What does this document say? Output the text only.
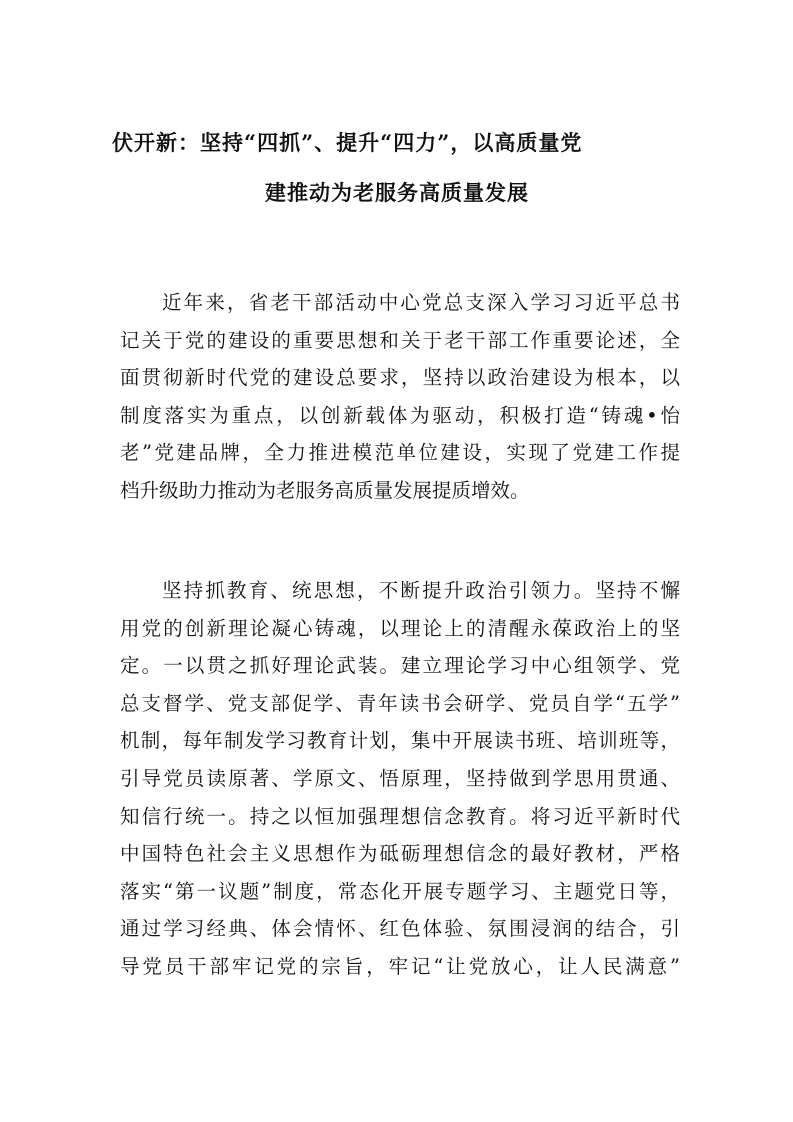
伏开新：坚持“四抓”、提升“四力”，以高质量党
建推动为老服务高质量发展
近年来，省老干部活动中心党总支深入学习习近平总书
记关于党的建设的重要思想和关于老干部工作重要论述，全
面贯彻新时代党的建设总要求，坚持以政治建设为根本，以
制度落实为重点，以创新载体为驱动，积极打造“铸魂•怡
老”党建品牌，全力推进模范单位建设，实现了党建工作提
档升级助力推动为老服务高质量发展提质增效。
坚持抓教育、统思想，不断提升政治引领力。坚持不懈
用党的创新理论凝心铸魂，以理论上的清醒永葆政治上的坚
定。一以贯之抓好理论武装。建立理论学习中心组领学、党
总支督学、党支部促学、青年读书会研学、党员自学“五学”
机制，每年制发学习教育计划，集中开展读书班、培训班等，
引导党员读原著、学原文、悟原理，坚持做到学思用贯通、
知信行统一。持之以恒加强理想信念教育。将习近平新时代
中国特色社会主义思想作为砥砺理想信念的最好教材，严格
落实“第一议题”制度，常态化开展专题学习、主题党日等，
通过学习经典、体会情怀、红色体验、氛围浸润的结合，引
导党员干部牢记党的宗旨，牢记“让党放心，让人民满意”
